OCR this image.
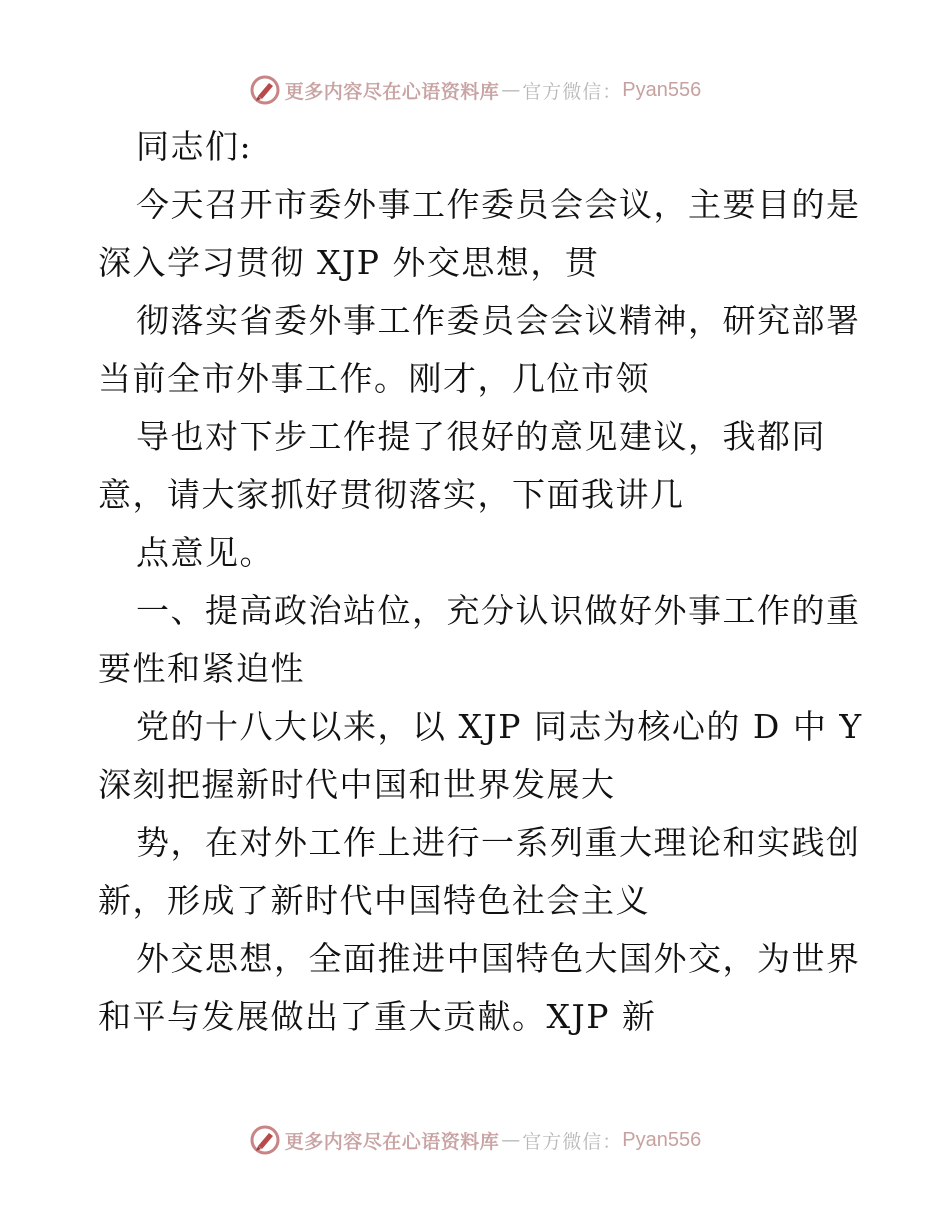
更多内容尽在心语资料库 — 官方微信： Pyan556
同志们:
今天召开市委外事工作委员会会议，主要目的是
深入学习贯彻 XJP 外交思想，贯
彻落实省委外事工作委员会会议精神，研究部署
当前全市外事工作。刚才，几位市领
导也对下步工作提了很好的意见建议，我都同
意，请大家抓好贯彻落实，下面我讲几
点意见。
一、提高政治站位，充分认识做好外事工作的重
要性和紧迫性
党的十八大以来，以 XJP 同志为核心的 D 中 Y
深刻把握新时代中国和世界发展大
势，在对外工作上进行一系列重大理论和实践创
新，形成了新时代中国特色社会主义
外交思想，全面推进中国特色大国外交，为世界
和平与发展做出了重大贡献。XJP 新
更多内容尽在心语资料库 — 官方微信： Pyan556
